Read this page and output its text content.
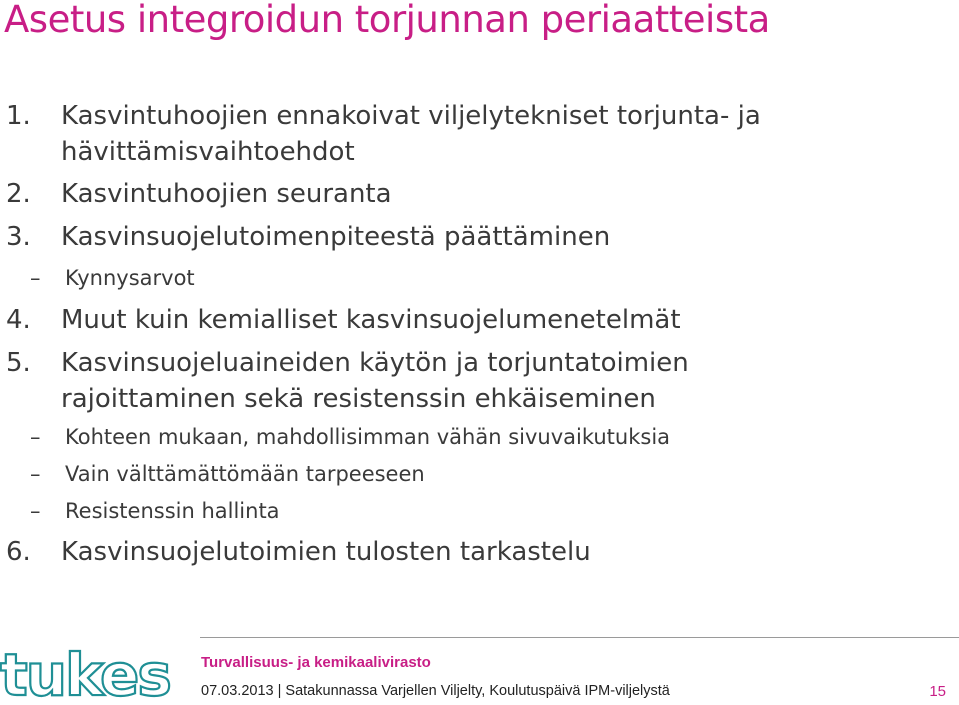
Asetus integroidun torjunnan periaatteista
1. Kasvintuhoojien ennakoivat viljelytekniset torjunta- ja
hävittämisvaihtoehdot
2. Kasvintuhoojien seuranta
3. Kasvinsuojelutoimenpiteestä päättäminen
– Kynnysarvot
4. Muut kuin kemialliset kasvinsuojelumenetelmät
5. Kasvinsuojeluaineiden käytön ja torjuntatoimien
rajoittaminen sekä resistenssin ehkäiseminen
– Kohteen mukaan, mahdollisimman vähän sivuvaikutuksia
– Vain välttämättömään tarpeeseen
– Resistenssin hallinta
6. Kasvinsuojelutoimien tulosten tarkastelu
tukes Turvallisuus- ja kemikaalivirasto
07.03.2013 | Satakunnassa Varjellen Viljelty, Koulutuspäivä IPM-viljelystä	15
